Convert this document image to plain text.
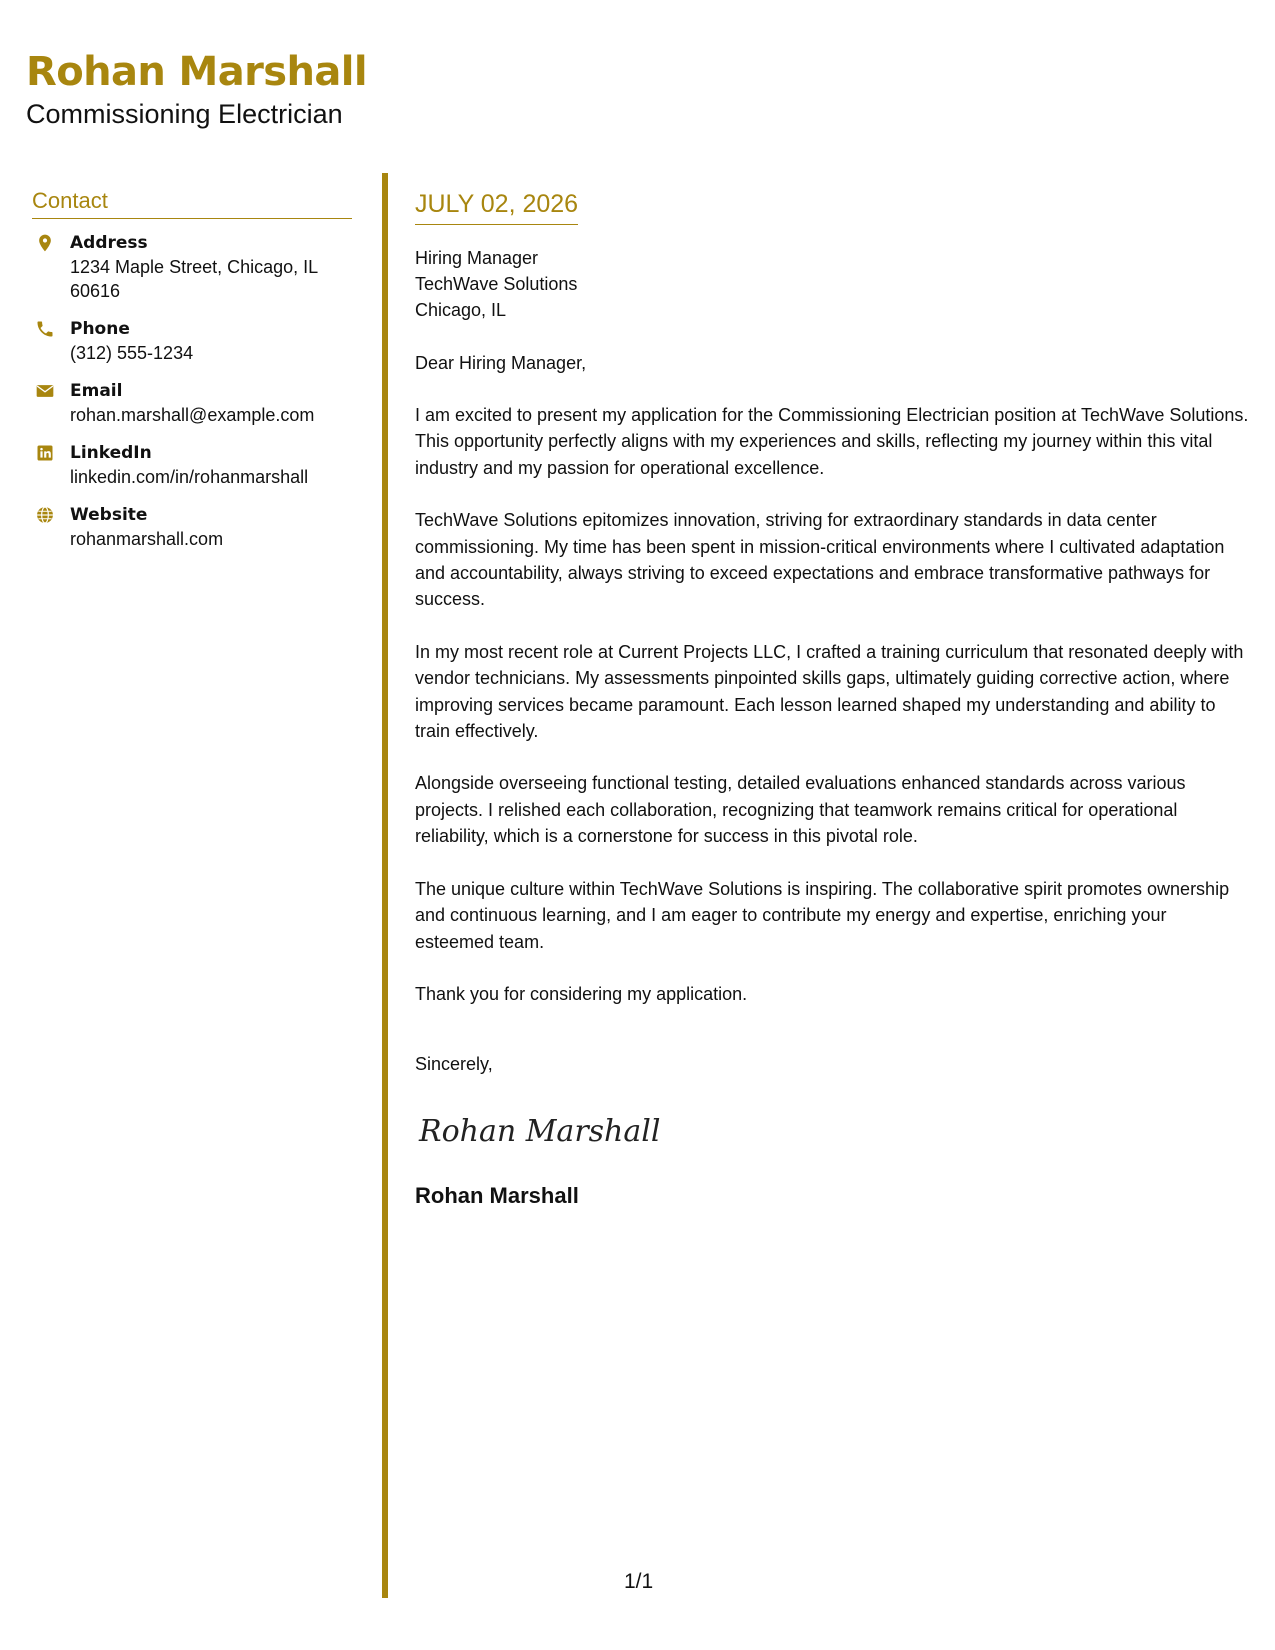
Rohan Marshall
Commissioning Electrician
Contact
Address
1234 Maple Street, Chicago, IL 60616
Phone
(312) 555-1234
Email
rohan.marshall@example.com
LinkedIn
linkedin.com/in/rohanmarshall
Website
rohanmarshall.com
JULY 02, 2026
Hiring Manager
TechWave Solutions
Chicago, IL
Dear Hiring Manager,
I am excited to present my application for the Commissioning Electrician position at TechWave Solutions. This opportunity perfectly aligns with my experiences and skills, reflecting my journey within this vital industry and my passion for operational excellence.
TechWave Solutions epitomizes innovation, striving for extraordinary standards in data center commissioning. My time has been spent in mission-critical environments where I cultivated adaptation and accountability, always striving to exceed expectations and embrace transformative pathways for success.
In my most recent role at Current Projects LLC, I crafted a training curriculum that resonated deeply with vendor technicians. My assessments pinpointed skills gaps, ultimately guiding corrective action, where improving services became paramount. Each lesson learned shaped my understanding and ability to train effectively.
Alongside overseeing functional testing, detailed evaluations enhanced standards across various projects. I relished each collaboration, recognizing that teamwork remains critical for operational reliability, which is a cornerstone for success in this pivotal role.
The unique culture within TechWave Solutions is inspiring. The collaborative spirit promotes ownership and continuous learning, and I am eager to contribute my energy and expertise, enriching your esteemed team.
Thank you for considering my application.
Sincerely,
Rohan Marshall
Rohan Marshall
1/1
